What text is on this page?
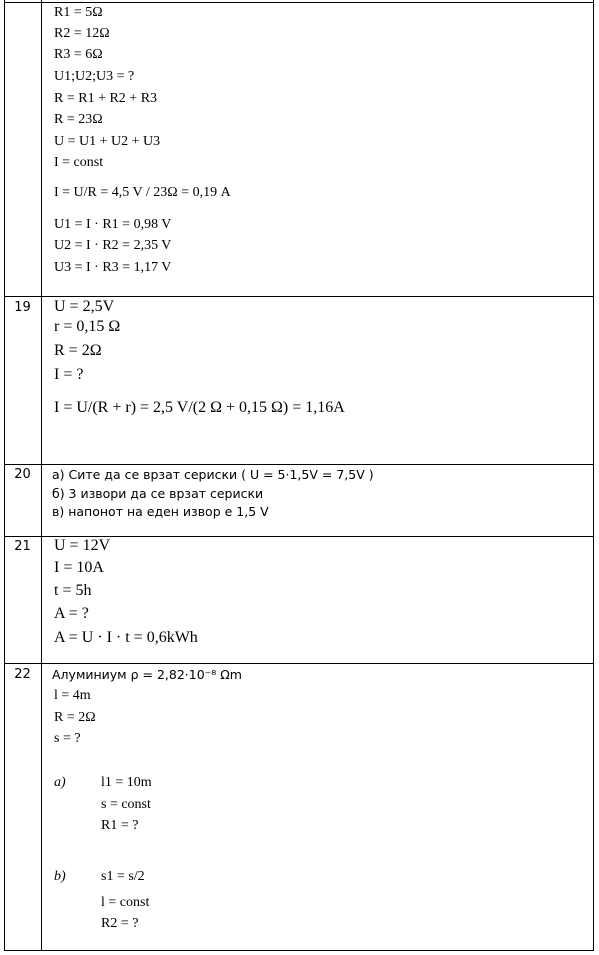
R1 = 5Ω
R2 = 12Ω
R3 = 6Ω
U1;U2;U3 = ?
R = R1 + R2 + R3
R = 23Ω
U = U1 + U2 + U3
I = const
I = U/R = 4,5 V / 23Ω = 0,19 A
U1 = I · R1 = 0,98 V
U2 = I · R2 = 2,35 V
U3 = I · R3 = 1,17 V
19	U = 2,5V
r = 0,15 Ω
R = 2Ω
I = ?
I = U/(R + r) = 2,5 V/(2 Ω + 0,15 Ω) = 1,16A
20	а) Сите да се врзат сериски ( U = 5·1,5V = 7,5V )
б) 3 извори да се врзат сериски
в) напонот на еден извор е 1,5 V
21	U = 12V
I = 10A
t = 5h
A = ?
A = U · I · t = 0,6kWh
22	Алуминиум ρ = 2,82·10⁻⁸ Ωm
l = 4m
R = 2Ω
s = ?
a)	l1 = 10m
s = const
R1 = ?
b)	s1 = s/2
l = const
R2 = ?
